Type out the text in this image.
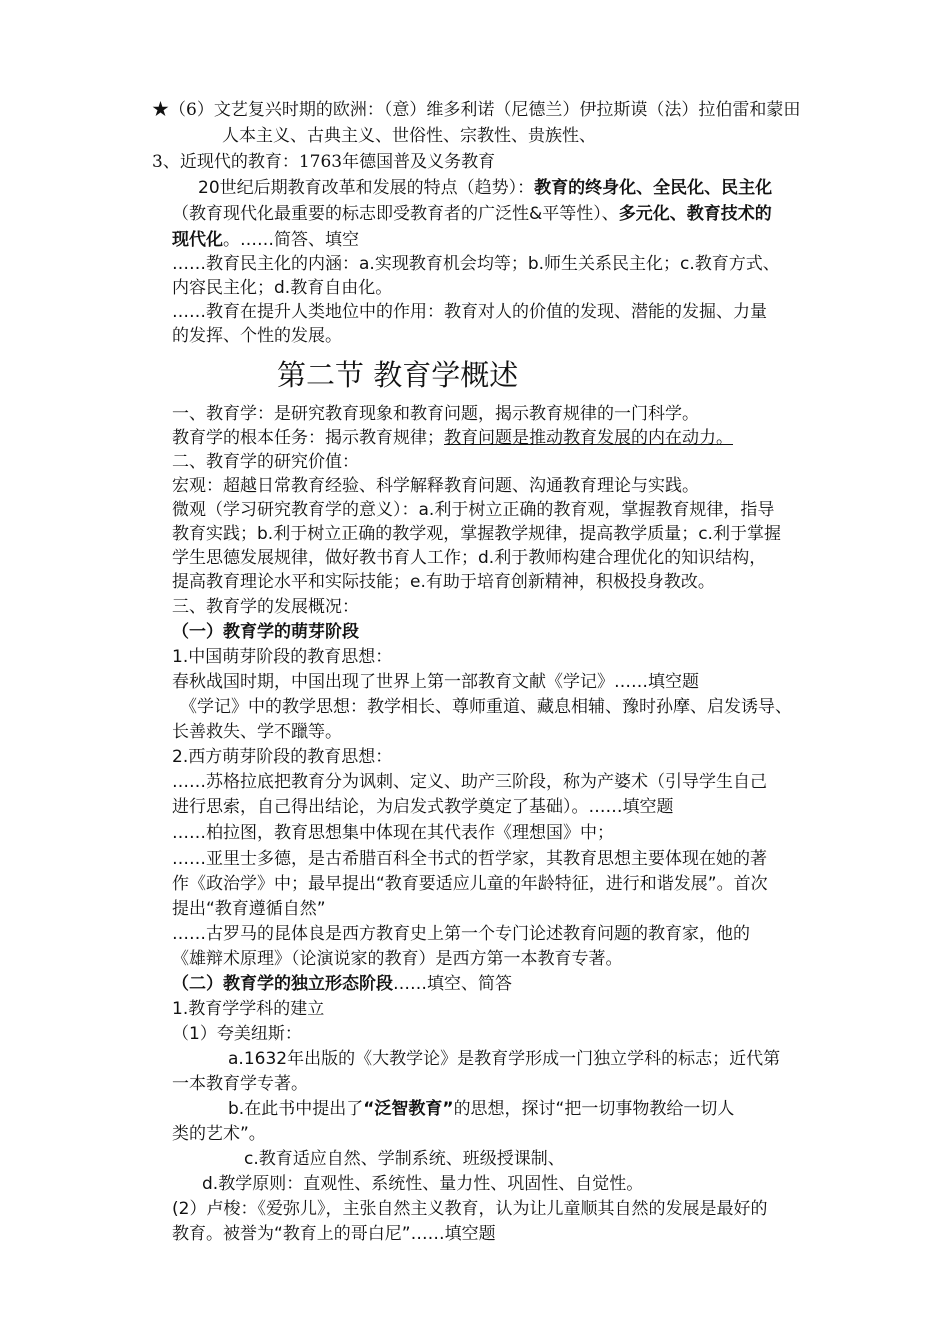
★（6）文艺复兴时期的欧洲：（意）维多利诺（尼德兰）伊拉斯谟（法）拉伯雷和蒙田
人本主义、古典主义、世俗性、宗教性、贵族性、
3、近现代的教育：1763年德国普及义务教育
20世纪后期教育改革和发展的特点（趋势）：教育的终身化、全民化、民主化
（教育现代化最重要的标志即受教育者的广泛性&平等性）、多元化、教育技术的
现代化。……简答、填空
……教育民主化的内涵：a.实现教育机会均等；b.师生关系民主化；c.教育方式、
内容民主化；d.教育自由化。
……教育在提升人类地位中的作用：教育对人的价值的发现、潜能的发掘、力量
的发挥、个性的发展。
第二节 教育学概述
一、教育学：是研究教育现象和教育问题，揭示教育规律的一门科学。
教育学的根本任务：揭示教育规律；教育问题是推动教育发展的内在动力。
二、教育学的研究价值：
宏观：超越日常教育经验、科学解释教育问题、沟通教育理论与实践。
微观（学习研究教育学的意义）：a.利于树立正确的教育观，掌握教育规律，指导
教育实践；b.利于树立正确的教学观，掌握教学规律，提高教学质量；c.利于掌握
学生思德发展规律，做好教书育人工作；d.利于教师构建合理优化的知识结构，
提高教育理论水平和实际技能；e.有助于培育创新精神，积极投身教改。
三、教育学的发展概况：
（一）教育学的萌芽阶段
1.中国萌芽阶段的教育思想：
春秋战国时期，中国出现了世界上第一部教育文献《学记》……填空题
《学记》中的教学思想：教学相长、尊师重道、藏息相辅、豫时孙摩、启发诱导、
长善救失、学不躐等。
2.西方萌芽阶段的教育思想：
……苏格拉底把教育分为讽刺、定义、助产三阶段，称为产婆术（引导学生自己
进行思索，自己得出结论，为启发式教学奠定了基础）。……填空题
……柏拉图，教育思想集中体现在其代表作《理想国》中；
……亚里士多德，是古希腊百科全书式的哲学家，其教育思想主要体现在她的著
作《政治学》中；最早提出“教育要适应儿童的年龄特征，进行和谐发展”。首次
提出“教育遵循自然”
……古罗马的昆体良是西方教育史上第一个专门论述教育问题的教育家，他的
《雄辩术原理》（论演说家的教育）是西方第一本教育专著。
（二）教育学的独立形态阶段……填空、简答
1.教育学学科的建立
（1）夸美纽斯：
a.1632年出版的《大教学论》是教育学形成一门独立学科的标志；近代第
一本教育学专著。
b.在此书中提出了“泛智教育”的思想，探讨“把一切事物教给一切人
类的艺术”。
c.教育适应自然、学制系统、班级授课制、
d.教学原则：直观性、系统性、量力性、巩固性、自觉性。
(2）卢梭：《爱弥儿》，主张自然主义教育，认为让儿童顺其自然的发展是最好的
教育。被誉为“教育上的哥白尼”……填空题
